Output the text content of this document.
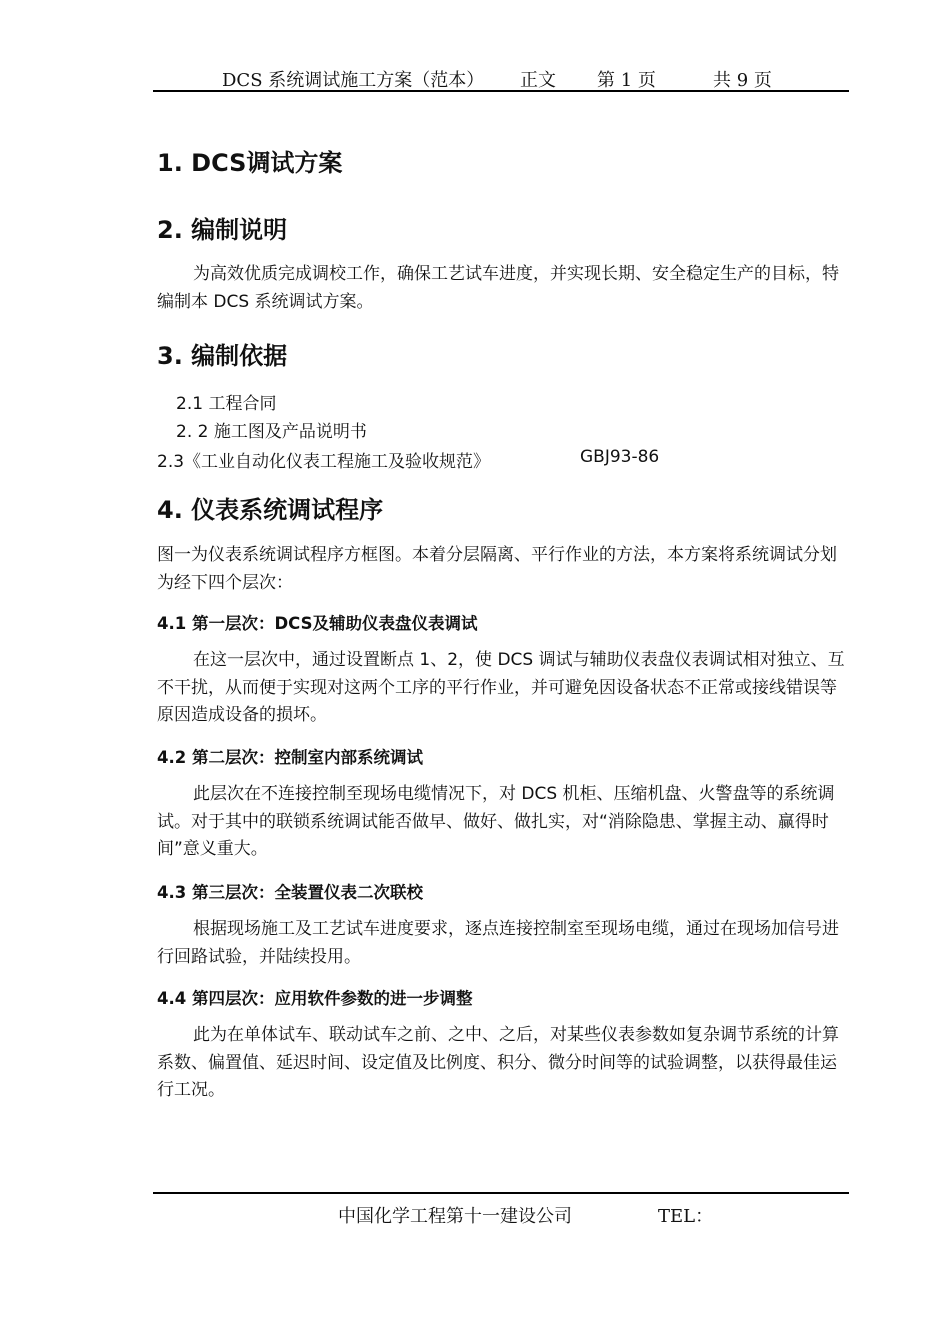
DCS 系统调试施工方案（范本） 正文 第 1 页	共 9 页
1. DCS调试方案
2. 编制说明
为高效优质完成调校工作，确保工艺试车进度，并实现长期、安全稳定生产的目标，特编制本 DCS 系统调试方案。
3. 编制依据
2.1 工程合同
2. 2 施工图及产品说明书
2.3《工业自动化仪表工程施工及验收规范》	GBJ93-86
4. 仪表系统调试程序
图一为仪表系统调试程序方框图。本着分层隔离、平行作业的方法，本方案将系统调试分划为经下四个层次：
4.1 第一层次：DCS及辅助仪表盘仪表调试
在这一层次中，通过设置断点 1、2，使 DCS 调试与辅助仪表盘仪表调试相对独立、互不干扰，从而便于实现对这两个工序的平行作业，并可避免因设备状态不正常或接线错误等原因造成设备的损坏。
4.2 第二层次：控制室内部系统调试
此层次在不连接控制至现场电缆情况下，对 DCS 机柜、压缩机盘、火警盘等的系统调试。对于其中的联锁系统调试能否做早、做好、做扎实，对“消除隐患、掌握主动、赢得时间”意义重大。
4.3 第三层次：全装置仪表二次联校
根据现场施工及工艺试车进度要求，逐点连接控制室至现场电缆，通过在现场加信号进行回路试验，并陆续投用。
4.4 第四层次：应用软件参数的进一步调整
此为在单体试车、联动试车之前、之中、之后，对某些仪表参数如复杂调节系统的计算系数、偏置值、延迟时间、设定值及比例度、积分、微分时间等的试验调整，以获得最佳运行工况。
中国化学工程第十一建设公司	TEL：
